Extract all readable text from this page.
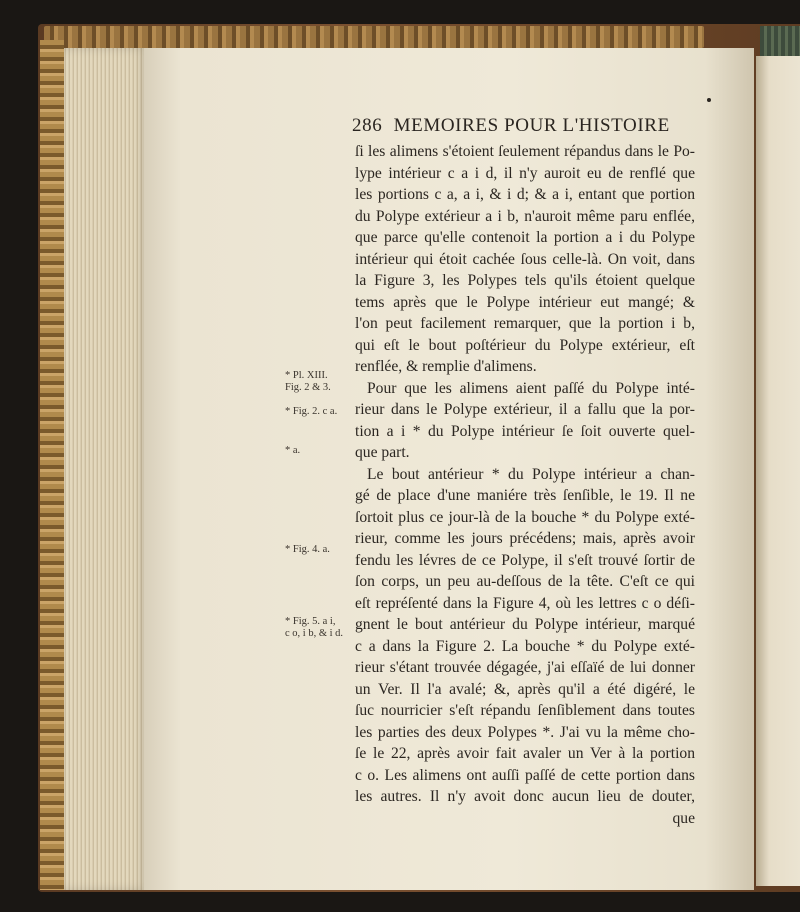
286 MEMOIRES POUR L'HISTOIRE
ſi les alimens s'étoient ſeulement répandus dans le Po-
lype intérieur c a i d, il n'y auroit eu de renflé que
les portions c a, a i, & i d; & a i, entant que portion
du Polype extérieur a i b, n'auroit même paru enflée,
que parce qu'elle contenoit la portion a i du Polype
intérieur qui étoit cachée ſous celle-là. On voit, dans
la Figure 3, les Polypes tels qu'ils étoient quelque
tems après que le Polype intérieur eut mangé; &
l'on peut facilement remarquer, que la portion i b,
qui eſt le bout poſtérieur du Polype extérieur, eſt
renflée, & remplie d'alimens.
Pour que les alimens aient paſſé du Polype inté-
rieur dans le Polype extérieur, il a fallu que la por-
tion a i * du Polype intérieur ſe ſoit ouverte quel-
que part.
Le bout antérieur * du Polype intérieur a chan-
gé de place d'une maniére très ſenſible, le 19. Il ne
ſortoit plus ce jour-là de la bouche * du Polype exté-
rieur, comme les jours précédens; mais, après avoir
fendu les lévres de ce Polype, il s'eſt trouvé ſortir de
ſon corps, un peu au-deſſous de la tête. C'eſt ce qui
eſt repréſenté dans la Figure 4, où les lettres c o déſi-
gnent le bout antérieur du Polype intérieur, marqué
c a dans la Figure 2. La bouche * du Polype exté-
rieur s'étant trouvée dégagée, j'ai eſſaïé de lui donner
un Ver. Il l'a avalé; &, après qu'il a été digéré, le
ſuc nourricier s'eſt répandu ſenſiblement dans toutes
les parties des deux Polypes *. J'ai vu la même cho-
ſe le 22, après avoir fait avaler un Ver à la portion
c o. Les alimens ont auſſi paſſé de cette portion dans
les autres. Il n'y avoit donc aucun lieu de douter,
que
* Pl. XIII.
Fig. 2 & 3.
* Fig. 2. c a.
* a.
* Fig. 4. a.
* Fig. 5. a i,
c o, i b, & i d.
